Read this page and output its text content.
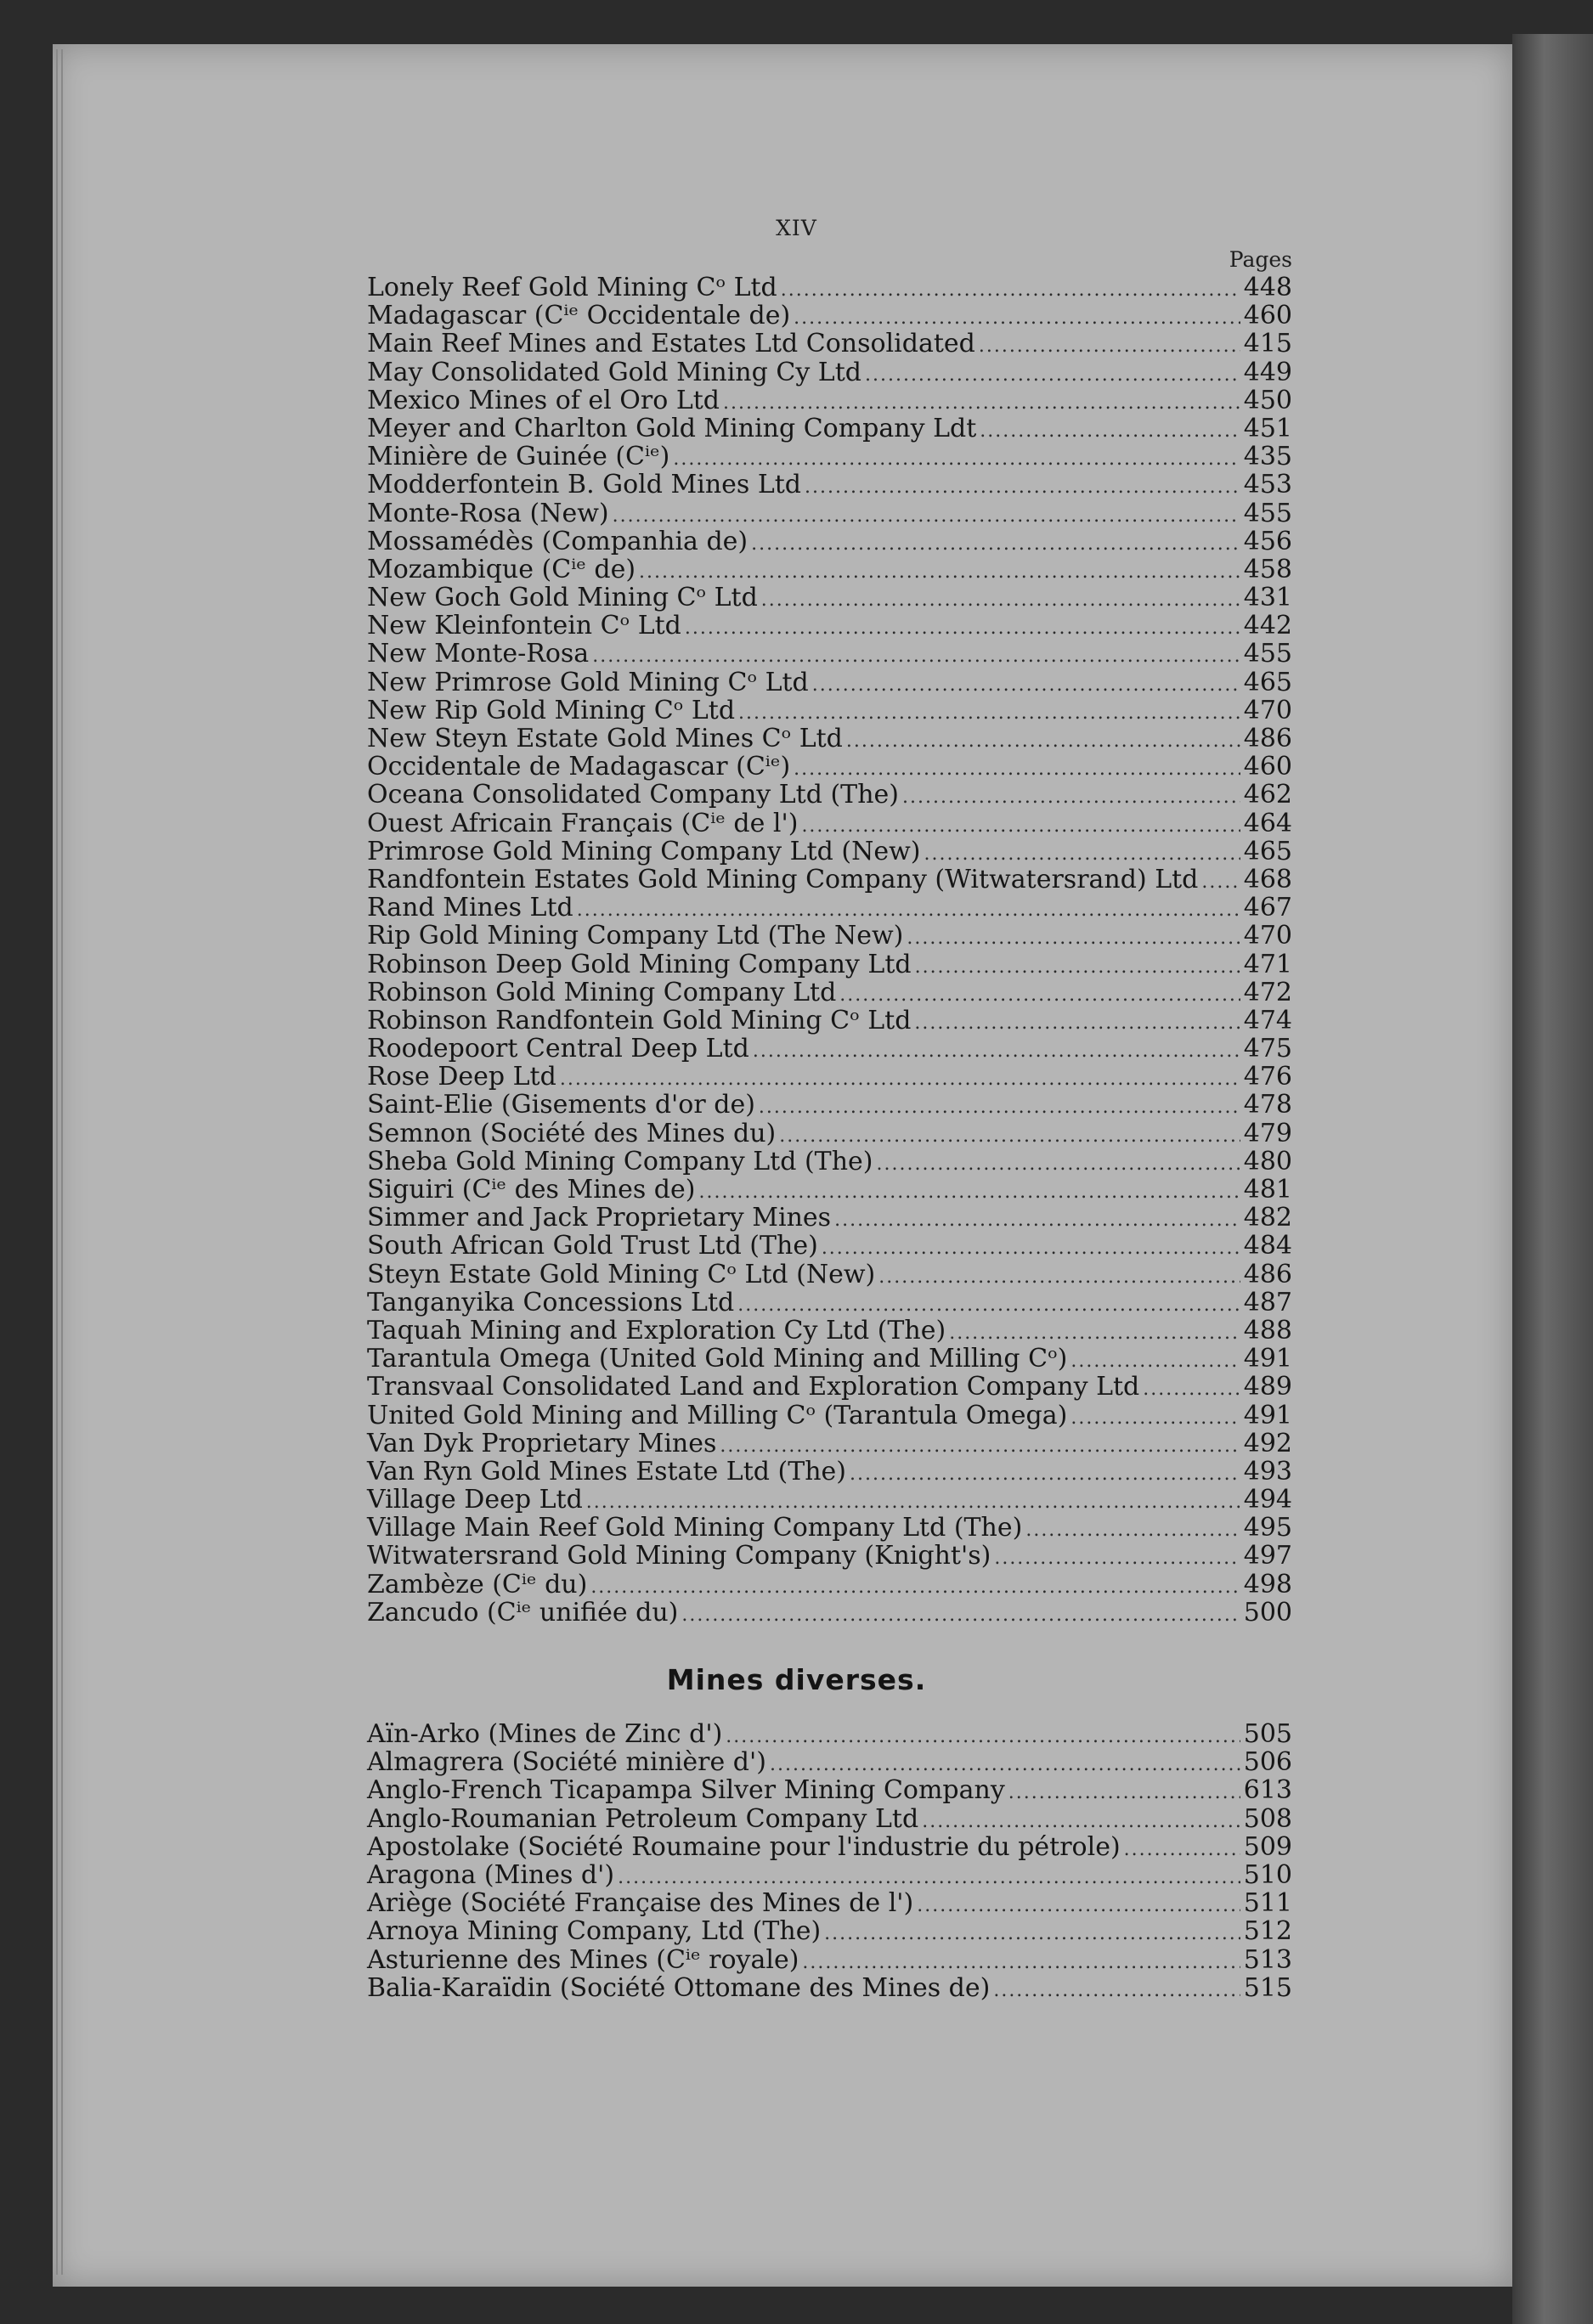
XIV
Pages
Lonely Reef Gold Mining Cᵒ Ltd .....	448
Madagascar (Cⁱᵉ Occidentale de) .....	460
Main Reef Mines and Estates Ltd Consolidated .....	415
May Consolidated Gold Mining Cy Ltd .....	449
Mexico Mines of el Oro Ltd .....	450
Meyer and Charlton Gold Mining Company Ldt .....	451
Minière de Guinée (Cⁱᵉ) .....	435
Modderfontein B. Gold Mines Ltd .....	453
Monte-Rosa (New) .....	455
Mossamédès (Companhia de) .....	456
Mozambique (Cⁱᵉ de) .....	458
New Goch Gold Mining Cᵒ Ltd .....	431
New Kleinfontein Cᵒ Ltd .....	442
New Monte-Rosa .....	455
New Primrose Gold Mining Cᵒ Ltd .....	465
New Rip Gold Mining Cᵒ Ltd .....	470
New Steyn Estate Gold Mines Cᵒ Ltd .....	486
Occidentale de Madagascar (Cⁱᵉ) .....	460
Oceana Consolidated Company Ltd (The) .....	462
Ouest Africain Français (Cⁱᵉ de l') .....	464
Primrose Gold Mining Company Ltd (New) .....	465
Randfontein Estates Gold Mining Company (Witwatersrand) Ltd ..... 468
Rand Mines Ltd .....	467
Rip Gold Mining Company Ltd (The New) .....	470
Robinson Deep Gold Mining Company Ltd .....	471
Robinson Gold Mining Company Ltd .....	472
Robinson Randfontein Gold Mining Cᵒ Ltd .....	474
Roodepoort Central Deep Ltd .....	475
Rose Deep Ltd .....	476
Saint-Elie (Gisements d'or de) .....	478
Semnon (Société des Mines du) .....	479
Sheba Gold Mining Company Ltd (The) .....	480
Siguiri (Cⁱᵉ des Mines de) .....	481
Simmer and Jack Proprietary Mines .....	482
South African Gold Trust Ltd (The) .....	484
Steyn Estate Gold Mining Cᵒ Ltd (New) .....	486
Tanganyika Concessions Ltd .....	487
Taquah Mining and Exploration Cy Ltd (The) .....	488
Tarantula Omega (United Gold Mining and Milling Cᵒ) .....	491
Transvaal Consolidated Land and Exploration Company Ltd .....	489
United Gold Mining and Milling Cᵒ (Tarantula Omega) .....	491
Van Dyk Proprietary Mines .....	492
Van Ryn Gold Mines Estate Ltd (The) .....	493
Village Deep Ltd .....	494
Village Main Reef Gold Mining Company Ltd (The) .....	495
Witwatersrand Gold Mining Company (Knight's) .....	497
Zambèze (Cⁱᵉ du) .....	498
Zancudo (Cⁱᵉ unifiée du) .....	500
Mines diverses.
Aïn-Arko (Mines de Zinc d') .....	505
Almagrera (Société minière d') .....	506
Anglo-French Ticapampa Silver Mining Company .....	613
Anglo-Roumanian Petroleum Company Ltd .....	508
Apostolake (Société Roumaine pour l'industrie du pétrole) .....	509
Aragona (Mines d') .....	510
Ariège (Société Française des Mines de l') .....	511
Arnoya Mining Company, Ltd (The) .....	512
Asturienne des Mines (Cⁱᵉ royale) .....	513
Balia-Karaïdin (Société Ottomane des Mines de) .....	515
